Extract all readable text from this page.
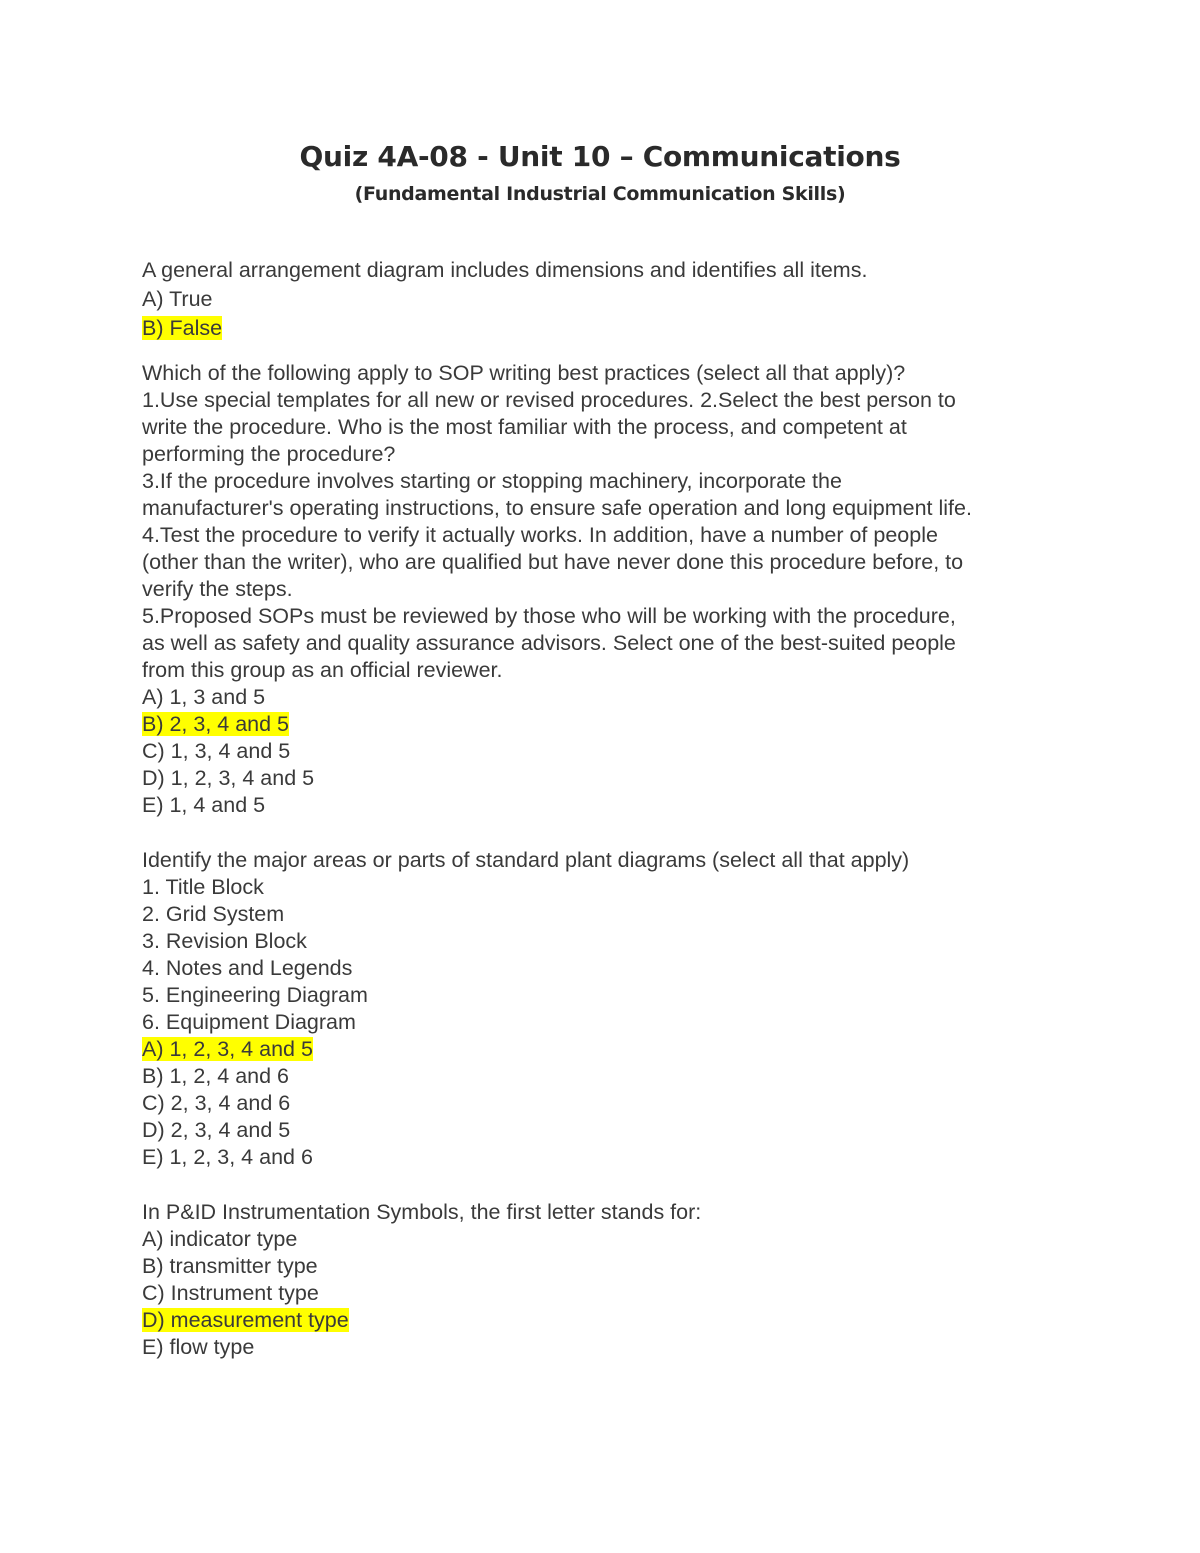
Quiz 4A-08 - Unit 10 – Communications
(Fundamental Industrial Communication Skills)
A general arrangement diagram includes dimensions and identifies all items.
A) True
B) False
Which of the following apply to SOP writing best practices (select all that apply)?
1.Use special templates for all new or revised procedures. 2.Select the best person to
write the procedure. Who is the most familiar with the process, and competent at
performing the procedure?
3.If the procedure involves starting or stopping machinery, incorporate the
manufacturer's operating instructions, to ensure safe operation and long equipment life.
4.Test the procedure to verify it actually works. In addition, have a number of people
(other than the writer), who are qualified but have never done this procedure before, to
verify the steps.
5.Proposed SOPs must be reviewed by those who will be working with the procedure,
as well as safety and quality assurance advisors. Select one of the best-suited people
from this group as an official reviewer.
A) 1, 3 and 5
B) 2, 3, 4 and 5
C) 1, 3, 4 and 5
D) 1, 2, 3, 4 and 5
E) 1, 4 and 5
Identify the major areas or parts of standard plant diagrams (select all that apply)
1. Title Block
2. Grid System
3. Revision Block
4. Notes and Legends
5. Engineering Diagram
6. Equipment Diagram
A) 1, 2, 3, 4 and 5
B) 1, 2, 4 and 6
C) 2, 3, 4 and 6
D) 2, 3, 4 and 5
E) 1, 2, 3, 4 and 6
In P&ID Instrumentation Symbols, the first letter stands for:
A) indicator type
B) transmitter type
C) Instrument type
D) measurement type
E) flow type
